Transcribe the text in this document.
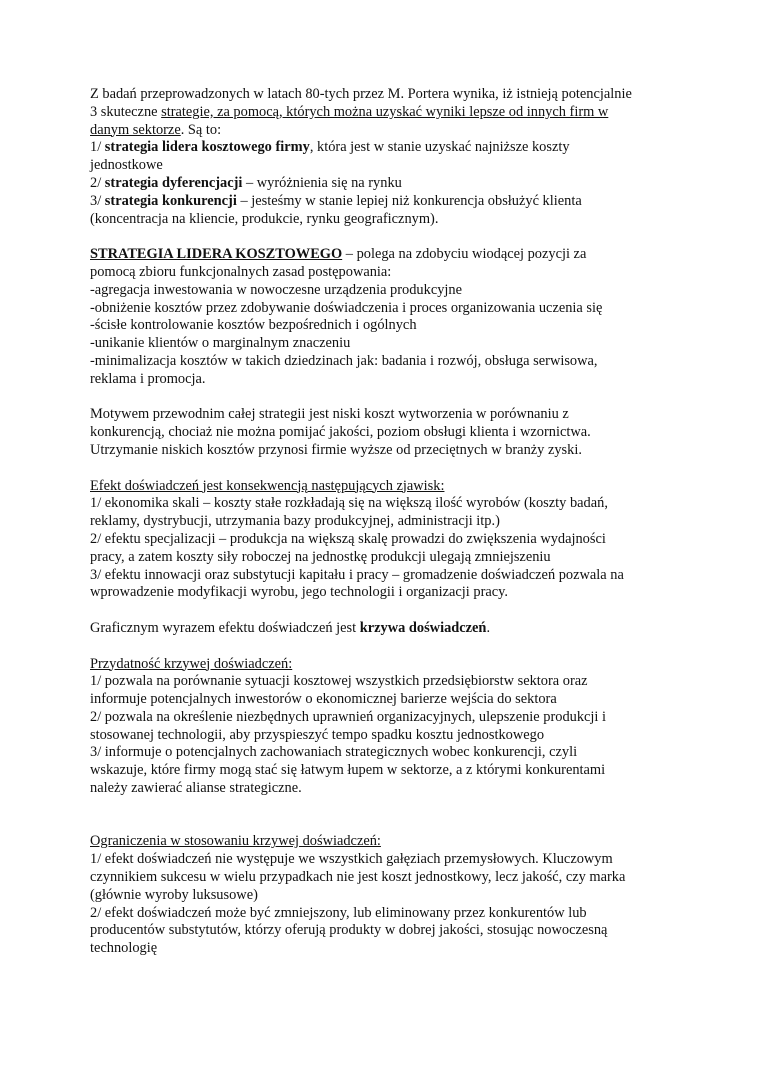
Z badań przeprowadzonych w latach 80-tych przez M. Portera wynika, iż istnieją potencjalnie
3 skuteczne strategie, za pomocą, których można uzyskać wyniki lepsze od innych firm w
danym sektorze. Są to:
1/ strategia lidera kosztowego firmy, która jest w stanie uzyskać najniższe koszty
jednostkowe
2/ strategia dyferencjacji – wyróżnienia się na rynku
3/ strategia konkurencji – jesteśmy w stanie lepiej niż konkurencja obsłużyć klienta
(koncentracja na kliencie, produkcie, rynku geograficznym).
STRATEGIA LIDERA KOSZTOWEGO – polega na zdobyciu wiodącej pozycji za
pomocą zbioru funkcjonalnych zasad postępowania:
-agregacja inwestowania w nowoczesne urządzenia produkcyjne
-obniżenie kosztów przez zdobywanie doświadczenia i proces organizowania uczenia się
-ścisłe kontrolowanie kosztów bezpośrednich i ogólnych
-unikanie klientów o marginalnym znaczeniu
-minimalizacja kosztów w takich dziedzinach jak: badania i rozwój, obsługa serwisowa,
reklama i promocja.
Motywem przewodnim całej strategii jest niski koszt wytworzenia w porównaniu z
konkurencją, chociaż nie można pomijać jakości, poziom obsługi klienta i wzornictwa.
Utrzymanie niskich kosztów przynosi firmie wyższe od przeciętnych w branży zyski.
Efekt doświadczeń jest konsekwencją następujących zjawisk:
1/ ekonomika skali – koszty stałe rozkładają się na większą ilość wyrobów (koszty badań,
reklamy, dystrybucji, utrzymania bazy produkcyjnej, administracji itp.)
2/ efektu specjalizacji – produkcja na większą skalę prowadzi do zwiększenia wydajności
pracy, a zatem koszty siły roboczej na jednostkę produkcji ulegają zmniejszeniu
3/ efektu innowacji oraz substytucji kapitału i pracy – gromadzenie doświadczeń pozwala na
wprowadzenie modyfikacji wyrobu, jego technologii i organizacji pracy.
Graficznym wyrazem efektu doświadczeń jest krzywa doświadczeń.
Przydatność krzywej doświadczeń:
1/ pozwala na porównanie sytuacji kosztowej wszystkich przedsiębiorstw sektora oraz
informuje potencjalnych inwestorów o ekonomicznej barierze wejścia do sektora
2/ pozwala na określenie niezbędnych uprawnień organizacyjnych, ulepszenie produkcji i
stosowanej technologii, aby przyspieszyć tempo spadku kosztu jednostkowego
3/ informuje o potencjalnych zachowaniach strategicznych wobec konkurencji, czyli
wskazuje, które firmy mogą stać się łatwym łupem w sektorze, a z którymi konkurentami
należy zawierać aliansе strategiczne.
Ograniczenia w stosowaniu krzywej doświadczeń:
1/ efekt doświadczeń nie występuje we wszystkich gałęziach przemysłowych. Kluczowym
czynnikiem sukcesu w wielu przypadkach nie jest koszt jednostkowy, lecz jakość, czy marka
(głównie wyroby luksusowe)
2/ efekt doświadczeń może być zmniejszony, lub eliminowany przez konkurentów lub
producentów substytutów, którzy oferują produkty w dobrej jakości, stosując nowoczesną
technologię
